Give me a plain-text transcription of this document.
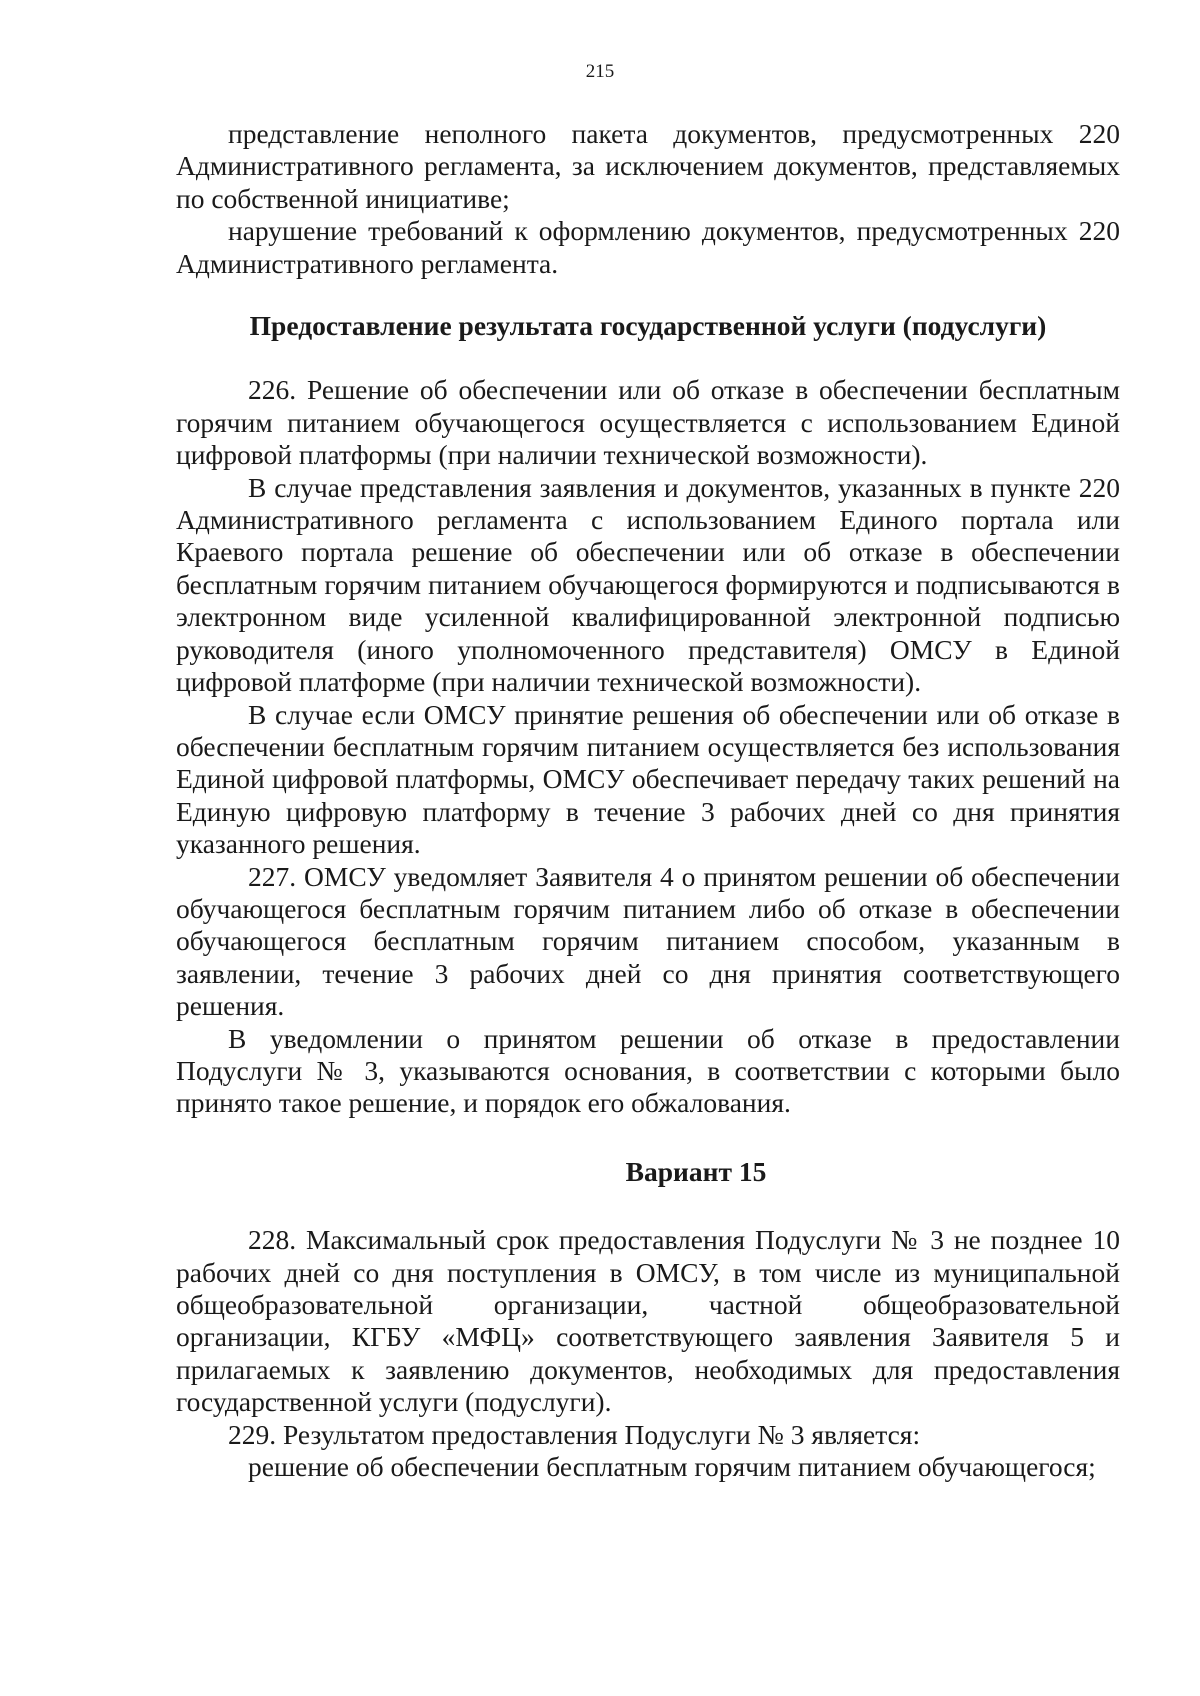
215

представление неполного пакета документов, предусмотренных 220 Административного регламента, за исключением документов, представляемых по собственной инициативе;

нарушение требований к оформлению документов, предусмотренных 220 Административного регламента.

Предоставление результата государственной услуги (подуслуги)

226. Решение об обеспечении или об отказе в обеспечении бесплатным горячим питанием обучающегося осуществляется с использованием Единой цифровой платформы (при наличии технической возможности).

В случае представления заявления и документов, указанных в пункте 220 Административного регламента с использованием Единого портала или Краевого портала решение об обеспечении или об отказе в обеспечении бесплатным горячим питанием обучающегося формируются и подписываются в электронном виде усиленной квалифицированной электронной подписью руководителя (иного уполномоченного представителя) ОМСУ в Единой цифровой платформе (при наличии технической возможности).

В случае если ОМСУ принятие решения об обеспечении или об отказе в обеспечении бесплатным горячим питанием осуществляется без использования Единой цифровой платформы, ОМСУ обеспечивает передачу таких решений на Единую цифровую платформу в течение 3 рабочих дней со дня принятия указанного решения.

227. ОМСУ уведомляет Заявителя 4 о принятом решении об обеспечении обучающегося бесплатным горячим питанием либо об отказе в обеспечении обучающегося бесплатным горячим питанием способом, указанным в заявлении, течение 3 рабочих дней со дня принятия соответствующего решения.

В уведомлении о принятом решении об отказе в предоставлении Подуслуги № 3, указываются основания, в соответствии с которыми было принято такое решение, и порядок его обжалования.

Вариант 15

228. Максимальный срок предоставления Подуслуги № 3 не позднее 10 рабочих дней со дня поступления в ОМСУ, в том числе из муниципальной общеобразовательной организации, частной общеобразовательной организации, КГБУ «МФЦ» соответствующего заявления Заявителя 5 и прилагаемых к заявлению документов, необходимых для предоставления государственной услуги (подуслуги).

229. Результатом предоставления Подуслуги № 3 является:

решение об обеспечении бесплатным горячим питанием обучающегося;
